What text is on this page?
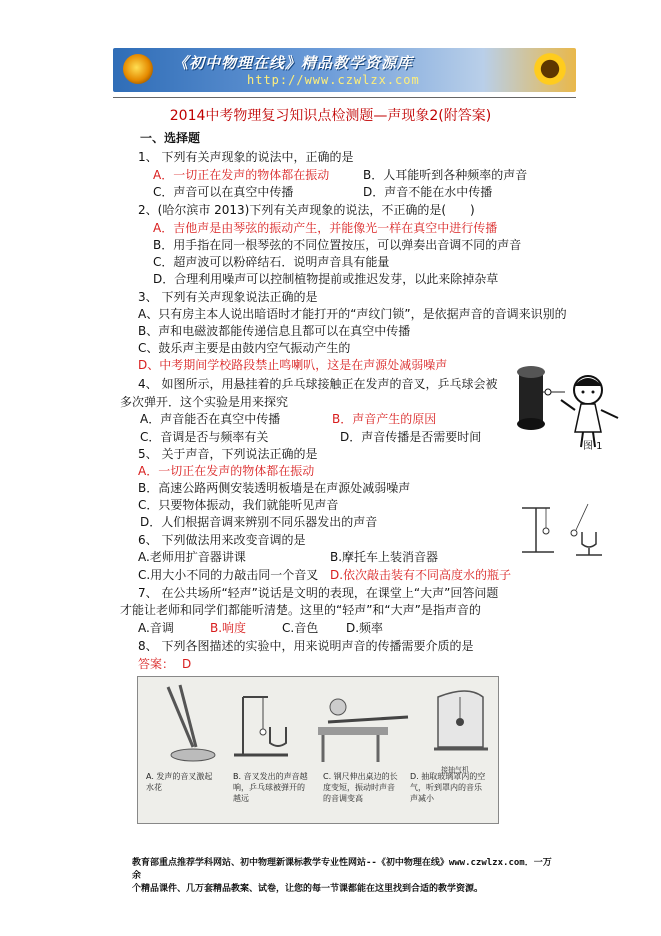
《初中物理在线》精品教学资源库
http://www.czwlzx.com
2014中考物理复习知识点检测题—声现象2(附答案)
一、选择题
1、 下列有关声现象的说法中，正确的是
A．一切正在发声的物体都在振动	B．人耳能听到各种频率的声音
C．声音可以在真空中传播	D．声音不能在水中传播
2、(哈尔滨市 2013)下列有关声现象的说法，不正确的是(　　)
A．吉他声是由琴弦的振动产生，并能像光一样在真空中进行传播
B．用手指在同一根琴弦的不同位置按压，可以弹奏出音调不同的声音
C．超声波可以粉碎结石．说明声音具有能量
D．合理利用噪声可以控制植物提前或推迟发芽，以此来除掉杂草
3、 下列有关声现象说法正确的是
A、只有房主本人说出暗语时才能打开的“声纹门锁”，是依据声音的音调来识别的
B、声和电磁波都能传递信息且都可以在真空中传播
C、鼓乐声主要是由鼓内空气振动产生的
D、中考期间学校路段禁止鸣喇叭，这是在声源处减弱噪声
4、 如图所示，用悬挂着的乒乓球接触正在发声的音叉，乒乓球会被
多次弹开．这个实验是用来探究
A．声音能否在真空中传播	B．声音产生的原因
C．音调是否与频率有关	D．声音传播是否需要时间
图 1
5、 关于声音，下列说法正确的是
A．一切正在发声的物体都在振动
B．高速公路两侧安装透明板墙是在声源处减弱噪声
C．只要物体振动，我们就能听见声音
D．人们根据音调来辨别不同乐器发出的声音
6、 下列做法用来改变音调的是
A.老师用扩音器讲课	B.摩托车上装消音器
C.用大小不同的力敲击同一个音叉 D.依次敲击装有不同高度水的瓶子
7、 在公共场所“轻声”说话是文明的表现，在课堂上“大声”回答问题
才能让老师和同学们都能听清楚。这里的“轻声”和“大声”是指声音的
A.音调	B.响度	C.音色 D.频率
8、 下列各图描述的实验中，用来说明声音的传播需要介质的是
答案： D
接抽气机
A. 发声的音叉激起
水花
B. 音叉发出的声音越
响，乒乓球被弹开的
越远
C. 钢尺伸出桌边的长
度变短，振动时声音
的音调变高
D. 抽取玻璃罩内的空
气，听到罩内的音乐
声减小
教育部重点推荐学科网站、初中物理新课标教学专业性网站--《初中物理在线》www.czwlzx.com．一万余
个精品课件、几万套精品教案、试卷，让您的每一节课都能在这里找到合适的教学资源。
